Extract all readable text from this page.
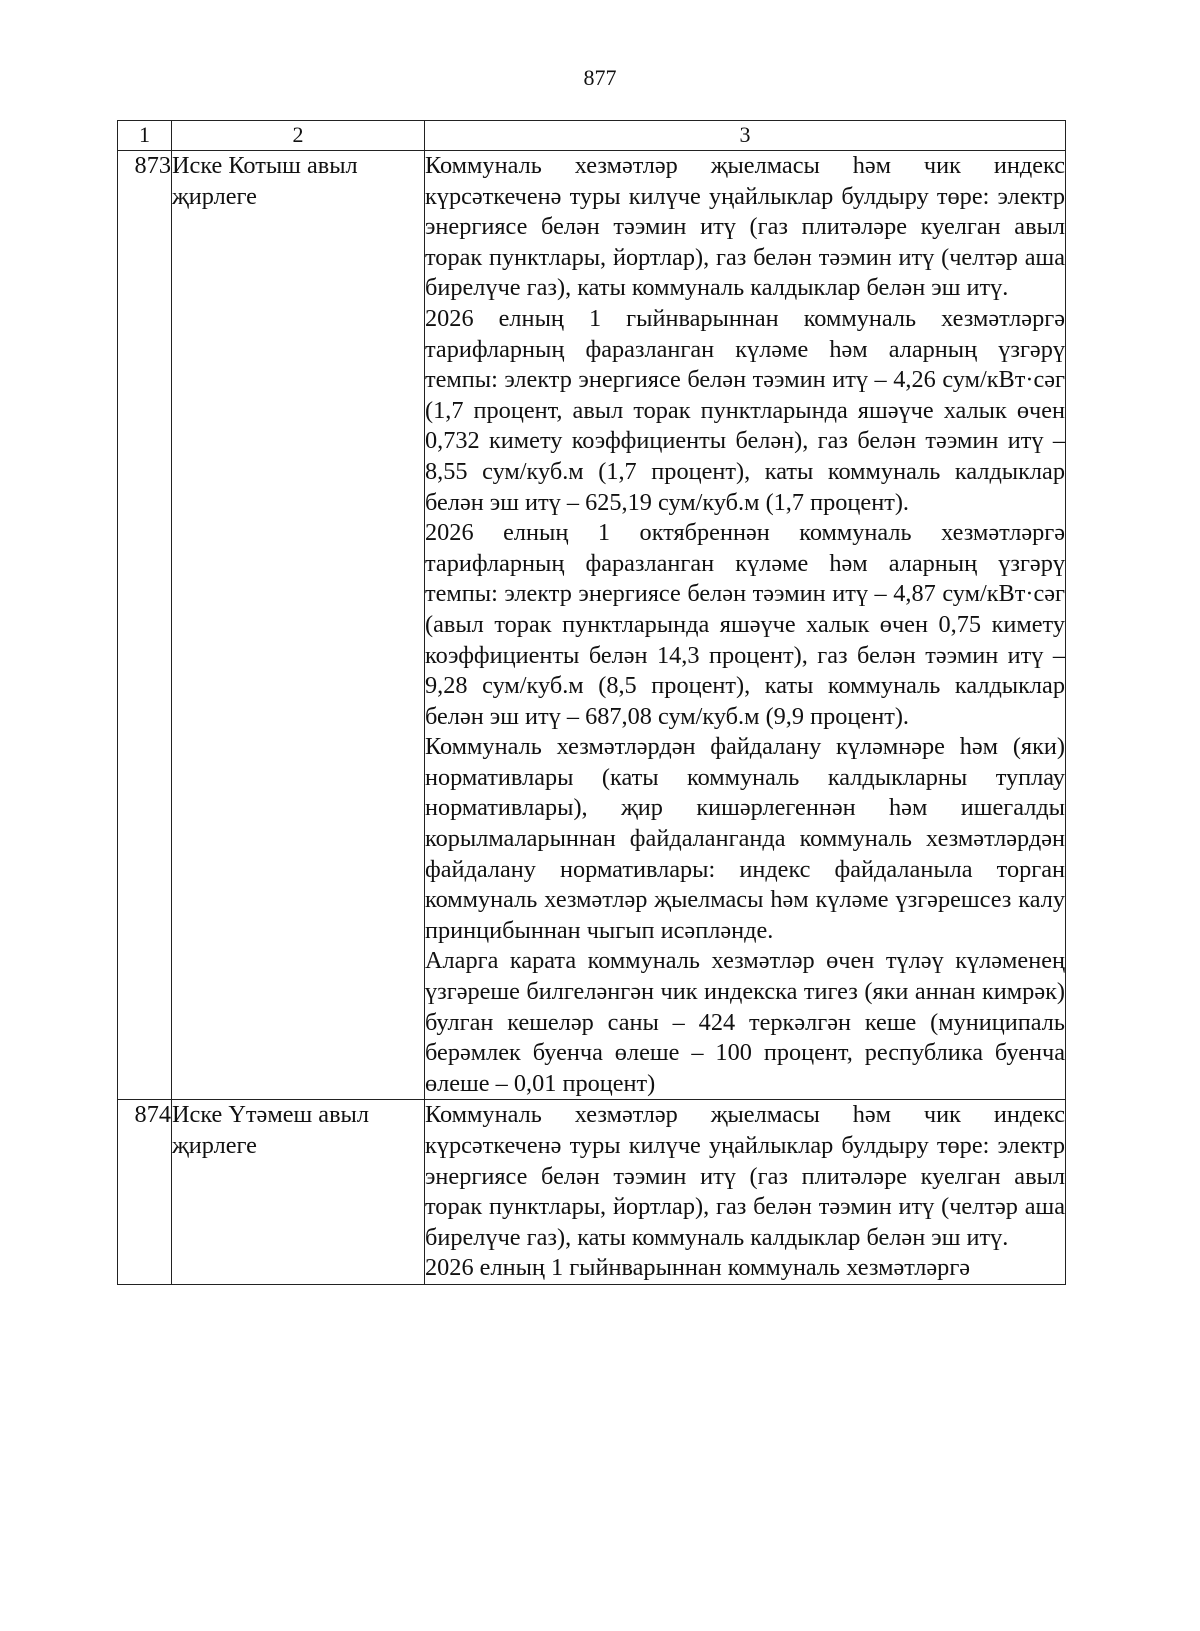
877
1	2	3
873	Иске Котыш авыл җирлеге	Коммуналь хезмәтләр җыелмасы һәм чик индекс күрсәткеченә туры килүче уңайлыклар булдыру төре: электр энергиясе белән тәэмин итү (газ плитәләре куелган авыл торак пунктлары, йортлар), газ белән тәэмин итү (челтәр аша бирелүче газ), каты коммуналь калдыклар белән эш итү.
2026 елның 1 гыйнварыннан коммуналь хезмәтләргә тарифларның фаразланган күләме һәм аларның үзгәрү темпы: электр энергиясе белән тәэмин итү – 4,26 сум/кВт·сәг (1,7 процент, авыл торак пунктларында яшәүче халык өчен 0,732 кимету коэффициенты белән), газ белән тәэмин итү – 8,55 сум/куб.м (1,7 процент), каты коммуналь калдыклар белән эш итү – 625,19 сум/куб.м (1,7 процент).
2026 елның 1 октябреннән коммуналь хезмәтләргә тарифларның фаразланган күләме һәм аларның үзгәрү темпы: электр энергиясе белән тәэмин итү – 4,87 сум/кВт·сәг (авыл торак пунктларында яшәүче халык өчен 0,75 кимету коэффициенты белән 14,3 процент), газ белән тәэмин итү – 9,28 сум/куб.м (8,5 процент), каты коммуналь калдыклар белән эш итү – 687,08 сум/куб.м (9,9 процент).
Коммуналь хезмәтләрдән файдалану күләмнәре һәм (яки) нормативлары (каты коммуналь калдыкларны туплау нормативлары), җир кишәрлегеннән һәм ишегалды корылмаларыннан файдаланганда коммуналь хезмәтләрдән файдалану нормативлары: индекс файдаланыла торган коммуналь хезмәтләр җыелмасы һәм күләме үзгәрешсез калу принцибыннан чыгып исәпләнде.
Аларга карата коммуналь хезмәтләр өчен түләү күләменең үзгәреше билгеләнгән чик индекска тигез (яки аннан кимрәк) булган кешеләр саны – 424 теркәлгән кеше (муниципаль берәмлек буенча өлеше – 100 процент, республика буенча өлеше – 0,01 процент)

874	Иске Үтәмеш авыл җирлеге	Коммуналь хезмәтләр җыелмасы һәм чик индекс күрсәткеченә туры килүче уңайлыклар булдыру төре: электр энергиясе белән тәэмин итү (газ плитәләре куелган авыл торак пунктлары, йортлар), газ белән тәэмин итү (челтәр аша бирелүче газ), каты коммуналь калдыклар белән эш итү.
2026 елның 1 гыйнварыннан коммуналь хезмәтләргә
